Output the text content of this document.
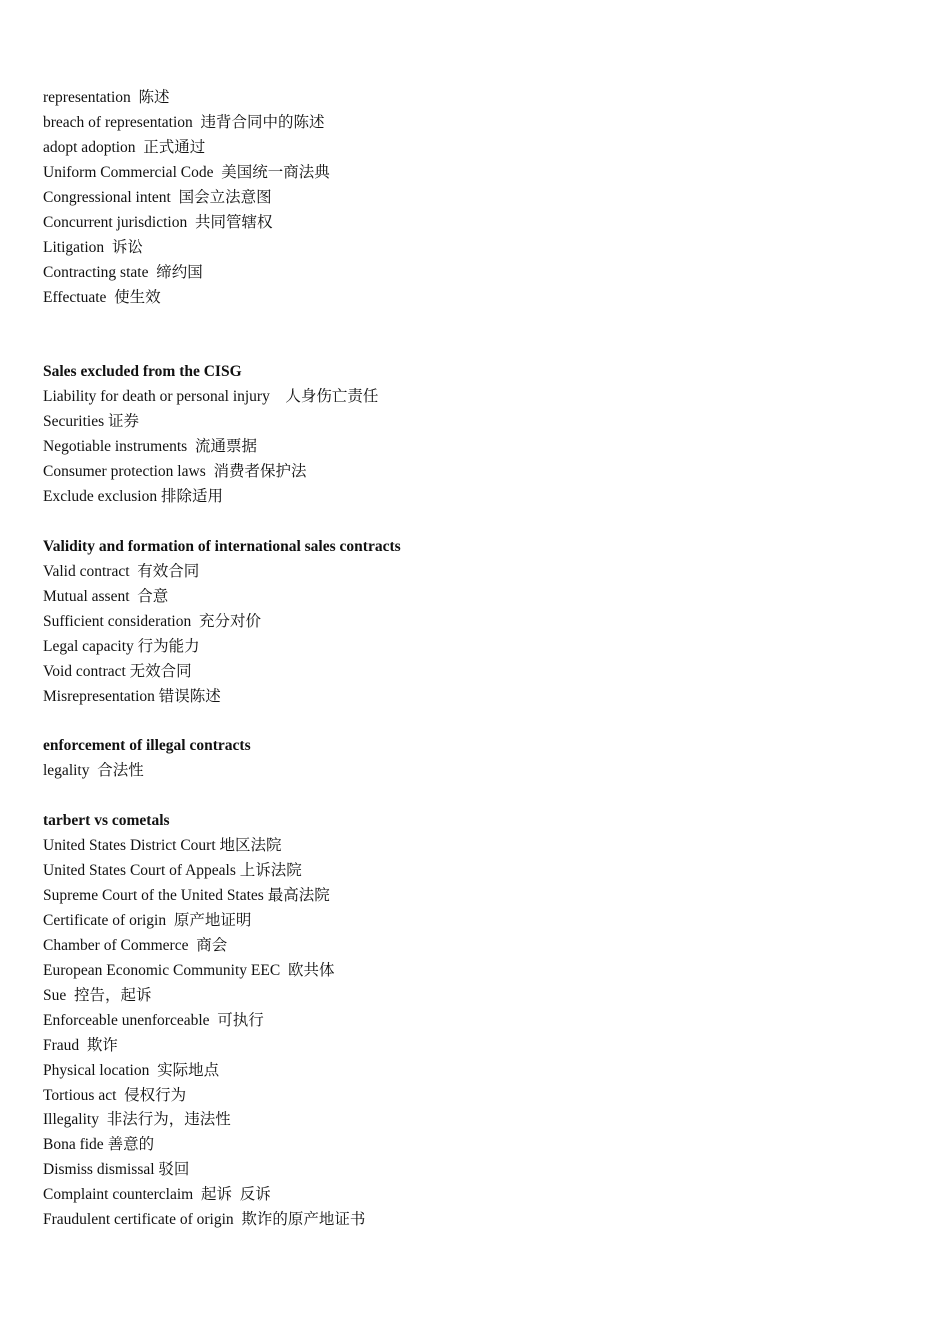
representation  陈述
breach of representation  违背合同中的陈述
adopt adoption  正式通过
Uniform Commercial Code  美国统一商法典
Congressional intent  国会立法意图
Concurrent jurisdiction  共同管辖权
Litigation  诉讼
Contracting state  缔约国
Effectuate  使生效
Sales excluded from the CISG
Liability for death or personal injury    人身伤亡责任
Securities 证券
Negotiable instruments  流通票据
Consumer protection laws  消费者保护法
Exclude exclusion 排除适用
Validity and formation of international sales contracts
Valid contract  有效合同
Mutual assent  合意
Sufficient consideration  充分对价
Legal capacity 行为能力
Void contract 无效合同
Misrepresentation 错误陈述
enforcement of illegal contracts
legality  合法性
tarbert vs cometals
United States District Court 地区法院
United States Court of Appeals 上诉法院
Supreme Court of the United States 最高法院
Certificate of origin  原产地证明
Chamber of Commerce  商会
European Economic Community EEC  欧共体
Sue  控告，起诉
Enforceable unenforceable  可执行
Fraud  欺诈
Physical location  实际地点
Tortious act  侵权行为
Illegality  非法行为，违法性
Bona fide 善意的
Dismiss dismissal 驳回
Complaint counterclaim  起诉  反诉
Fraudulent certificate of origin  欺诈的原产地证书
